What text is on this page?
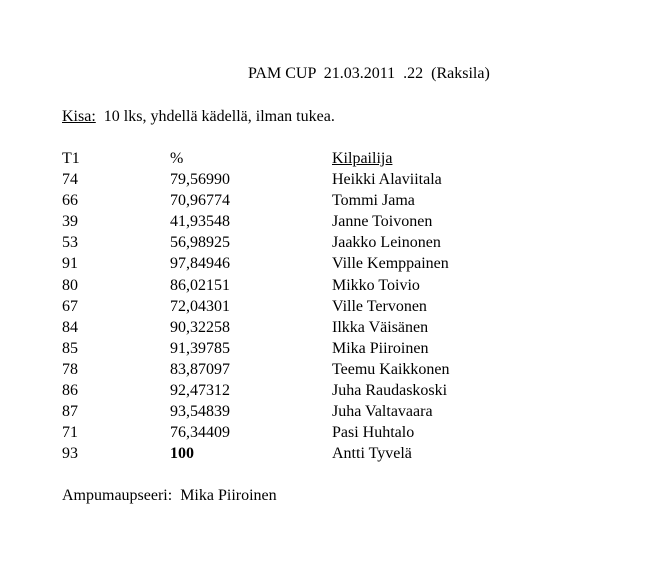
PAM CUP  21.03.2011  .22  (Raksila)
Kisa:  10 lks, yhdellä kädellä, ilman tukea.
T1	%	Kilpailija
74	79,56990	Heikki Alaviitala
66	70,96774	Tommi Jama
39	41,93548	Janne Toivonen
53	56,98925	Jaakko Leinonen
91	97,84946	Ville Kemppainen
80	86,02151	Mikko Toivio
67	72,04301	Ville Tervonen
84	90,32258	Ilkka Väisänen
85	91,39785	Mika Piiroinen
78	83,87097	Teemu Kaikkonen
86	92,47312	Juha Raudaskoski
87	93,54839	Juha Valtavaara
71	76,34409	Pasi Huhtalo
93	100	Antti Tyvelä
Ampumaupseeri:  Mika Piiroinen
